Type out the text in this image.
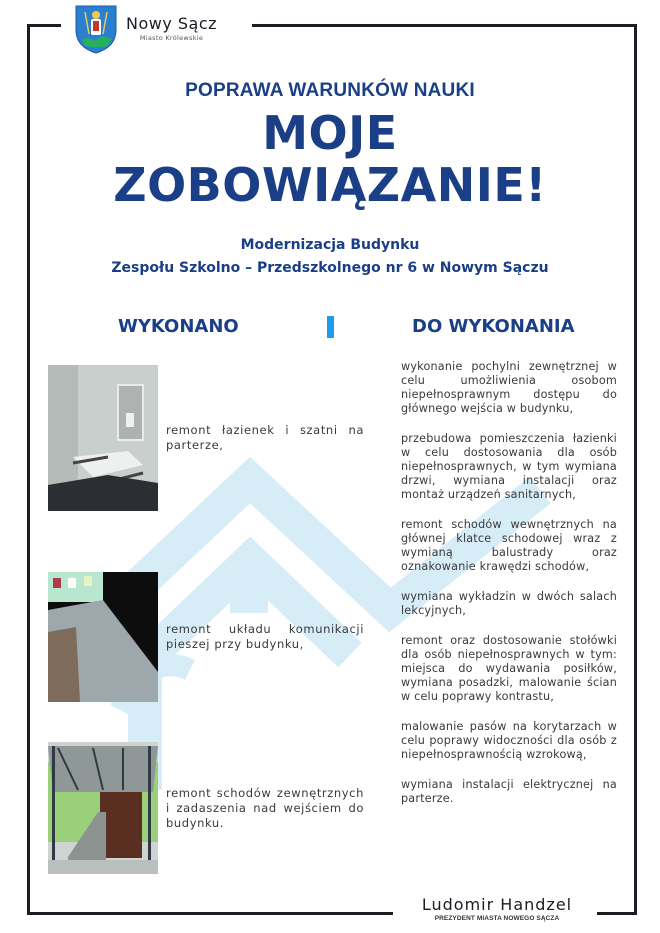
Nowy Sącz
Miasto Królewskie
POPRAWA WARUNKÓW NAUKI
MOJE
ZOBOWIĄZANIE!
Modernizacja Budynku
Zespołu Szkolno – Przedszkolnego nr 6 w Nowym Sączu
WYKONANO	DO WYKONANIA
remont łazienek i szatni na parterze,
remont układu komunikacji pieszej przy budynku,
remont schodów zewnętrznych i zadaszenia nad wejściem do budynku.
wykonanie pochylni zewnętrznej w celu umożliwienia osobom niepełnosprawnym dostępu do głównego wejścia w budynku,
przebudowa pomieszczenia łazienki w celu dostosowania dla osób niepełnosprawnych, w tym wymiana drzwi, wymiana instalacji oraz montaż urządzeń sanitarnych,
remont schodów wewnętrznych na głównej klatce schodowej wraz z wymianą balustrady oraz oznakowanie krawędzi schodów,
wymiana wykładzin w dwóch salach lekcyjnych,
remont oraz dostosowanie stołówki dla osób niepełnosprawnych w tym: miejsca do wydawania posiłków, wymiana posadzki, malowanie ścian w celu poprawy kontrastu,
malowanie pasów na korytarzach w celu poprawy widoczności dla osób z niepełnosprawnością wzrokową,
wymiana instalacji elektrycznej na parterze.
Ludomir Handzel
PREZYDENT MIASTA NOWEGO SĄCZA
